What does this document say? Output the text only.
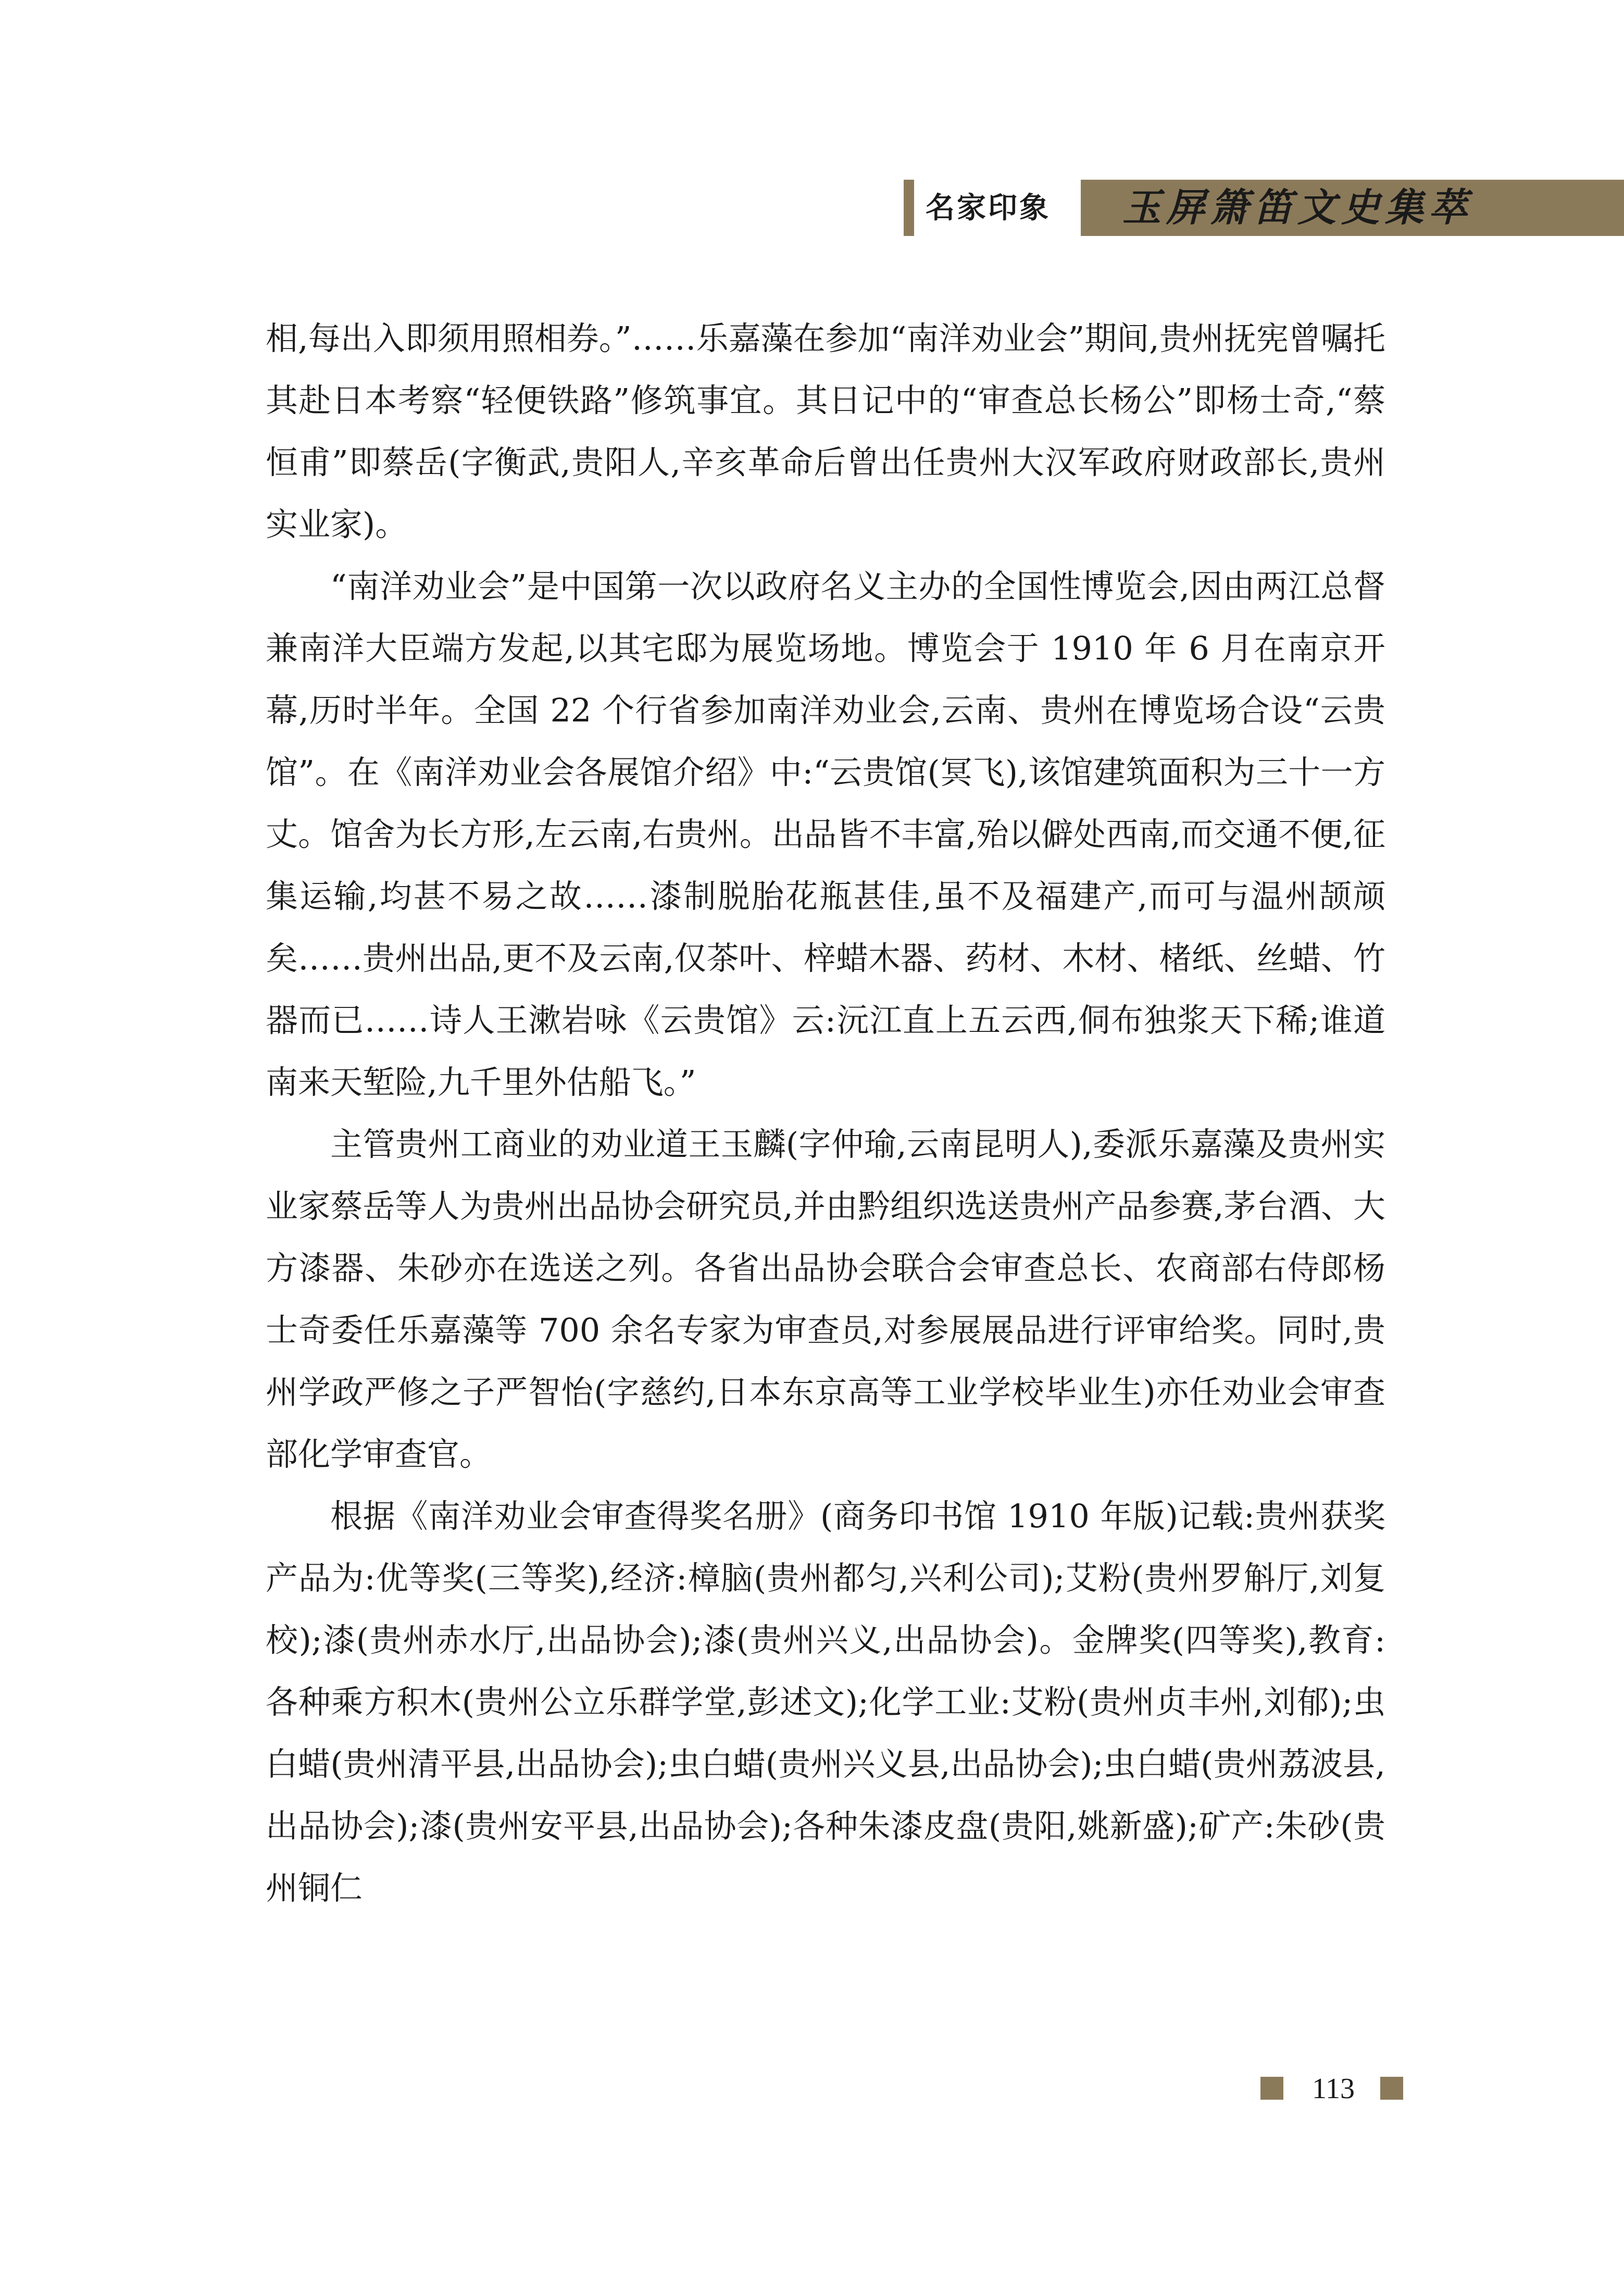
名家印象 玉屏箫笛文史集萃

相,每出入即须用照相券。”……乐嘉藻在参加“南洋劝业会”期间,贵州抚宪曾嘱托其赴日本考察“轻便铁路”修筑事宜。其日记中的“审查总长杨公”即杨士奇,“蔡恒甫”即蔡岳(字衡武,贵阳人,辛亥革命后曾出任贵州大汉军政府财政部长,贵州实业家)。

“南洋劝业会”是中国第一次以政府名义主办的全国性博览会,因由两江总督兼南洋大臣端方发起,以其宅邸为展览场地。博览会于 1910 年 6 月在南京开幕,历时半年。全国 22 个行省参加南洋劝业会,云南、贵州在博览场合设“云贵馆”。在《南洋劝业会各展馆介绍》中:“云贵馆(冥飞),该馆建筑面积为三十一方丈。馆舍为长方形,左云南,右贵州。出品皆不丰富,殆以僻处西南,而交通不便,征集运输,均甚不易之故……漆制脱胎花瓶甚佳,虽不及福建产,而可与温州颉颃矣……贵州出品,更不及云南,仅茶叶、梓蜡木器、药材、木材、楮纸、丝蜡、竹器而已……诗人王漱岩咏《云贵馆》云:沅江直上五云西,侗布独浆天下稀;谁道南来天堑险,九千里外估船飞。”

主管贵州工商业的劝业道王玉麟(字仲瑜,云南昆明人),委派乐嘉藻及贵州实业家蔡岳等人为贵州出品协会研究员,并由黔组织选送贵州产品参赛,茅台酒、大方漆器、朱砂亦在选送之列。各省出品协会联合会审查总长、农商部右侍郎杨士奇委任乐嘉藻等 700 余名专家为审查员,对参展展品进行评审给奖。同时,贵州学政严修之子严智怡(字慈约,日本东京高等工业学校毕业生)亦任劝业会审查部化学审查官。

根据《南洋劝业会审查得奖名册》(商务印书馆 1910 年版)记载:贵州获奖产品为:优等奖(三等奖),经济:樟脑(贵州都匀,兴利公司);艾粉(贵州罗斛厅,刘复校);漆(贵州赤水厅,出品协会);漆(贵州兴义,出品协会)。金牌奖(四等奖),教育:各种乘方积木(贵州公立乐群学堂,彭述文);化学工业:艾粉(贵州贞丰州,刘郁);虫白蜡(贵州清平县,出品协会);虫白蜡(贵州兴义县,出品协会);虫白蜡(贵州荔波县,出品协会);漆(贵州安平县,出品协会);各种朱漆皮盘(贵阳,姚新盛);矿产:朱砂(贵州铜仁

113
